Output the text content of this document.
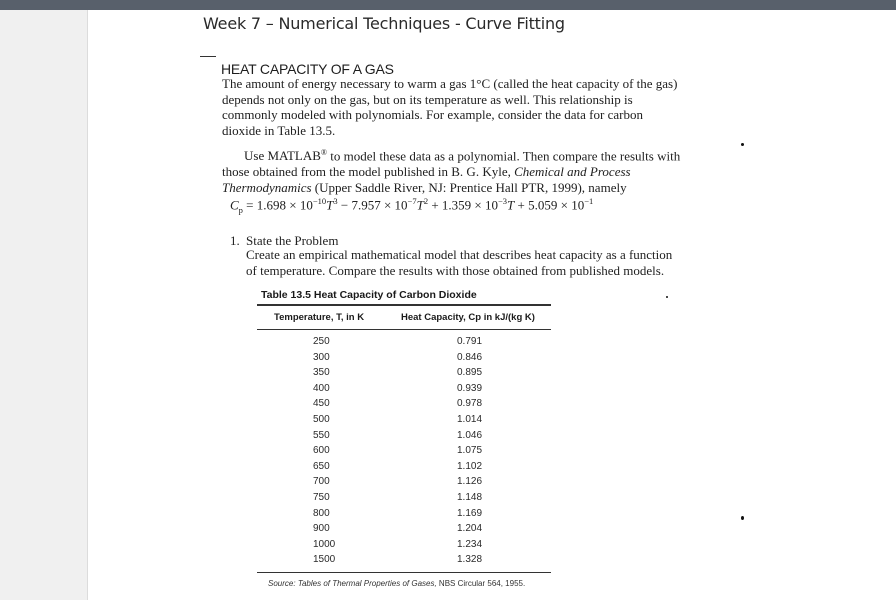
Week 7 – Numerical Techniques - Curve Fitting
HEAT CAPACITY OF A GAS

The amount of energy necessary to warm a gas 1°C (called the heat capacity of the gas) depends not only on the gas, but on its temperature as well. This relationship is commonly modeled with polynomials. For example, consider the data for carbon dioxide in Table 13.5.

Use MATLAB® to model these data as a polynomial. Then compare the results with those obtained from the model published in B. G. Kyle, Chemical and Process Thermodynamics (Upper Saddle River, NJ: Prentice Hall PTR, 1999), namely

$C_p = 1.698 \times 10^{-10}T^3 - 7.957 \times 10^{-7}T^2 + 1.359 \times 10^{-3}T + 5.059 \times 10^{-1}$
1. State the Problem
Create an empirical mathematical model that describes heat capacity as a function of temperature. Compare the results with those obtained from published models.
Table 13.5 Heat Capacity of Carbon Dioxide
Temperature, T, in K	Heat Capacity, Cp in kJ/(kg K)
250	0.791
300	0.846
350	0.895
400	0.939
450	0.978
500	1.014
550	1.046
600	1.075
650	1.102
700	1.126
750	1.148
800	1.169
900	1.204
1000	1.234
1500	1.328
Source: Tables of Thermal Properties of Gases, NBS Circular 564, 1955.
